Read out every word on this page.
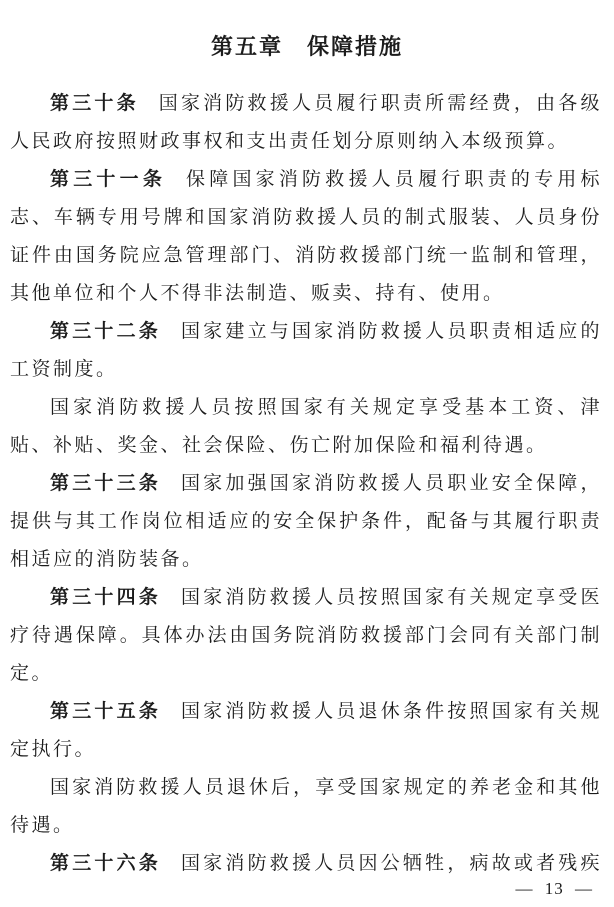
第五章　保障措施

第三十条 国家消防救援人员履行职责所需经费，由各级人民政府按照财政事权和支出责任划分原则纳入本级预算。

第三十一条 保障国家消防救援人员履行职责的专用标志、车辆专用号牌和国家消防救援人员的制式服装、人员身份证件由国务院应急管理部门、消防救援部门统一监制和管理，其他单位和个人不得非法制造、贩卖、持有、使用。

第三十二条 国家建立与国家消防救援人员职责相适应的工资制度。

国家消防救援人员按照国家有关规定享受基本工资、津贴、补贴、奖金、社会保险、伤亡附加保险和福利待遇。

第三十三条 国家加强国家消防救援人员职业安全保障，提供与其工作岗位相适应的安全保护条件，配备与其履行职责相适应的消防装备。

第三十四条 国家消防救援人员按照国家有关规定享受医疗待遇保障。具体办法由国务院消防救援部门会同有关部门制定。

第三十五条 国家消防救援人员退休条件按照国家有关规定执行。

国家消防救援人员退休后，享受国家规定的养老金和其他待遇。

第三十六条 国家消防救援人员因公牺牲，病故或者残疾

— 13 —
